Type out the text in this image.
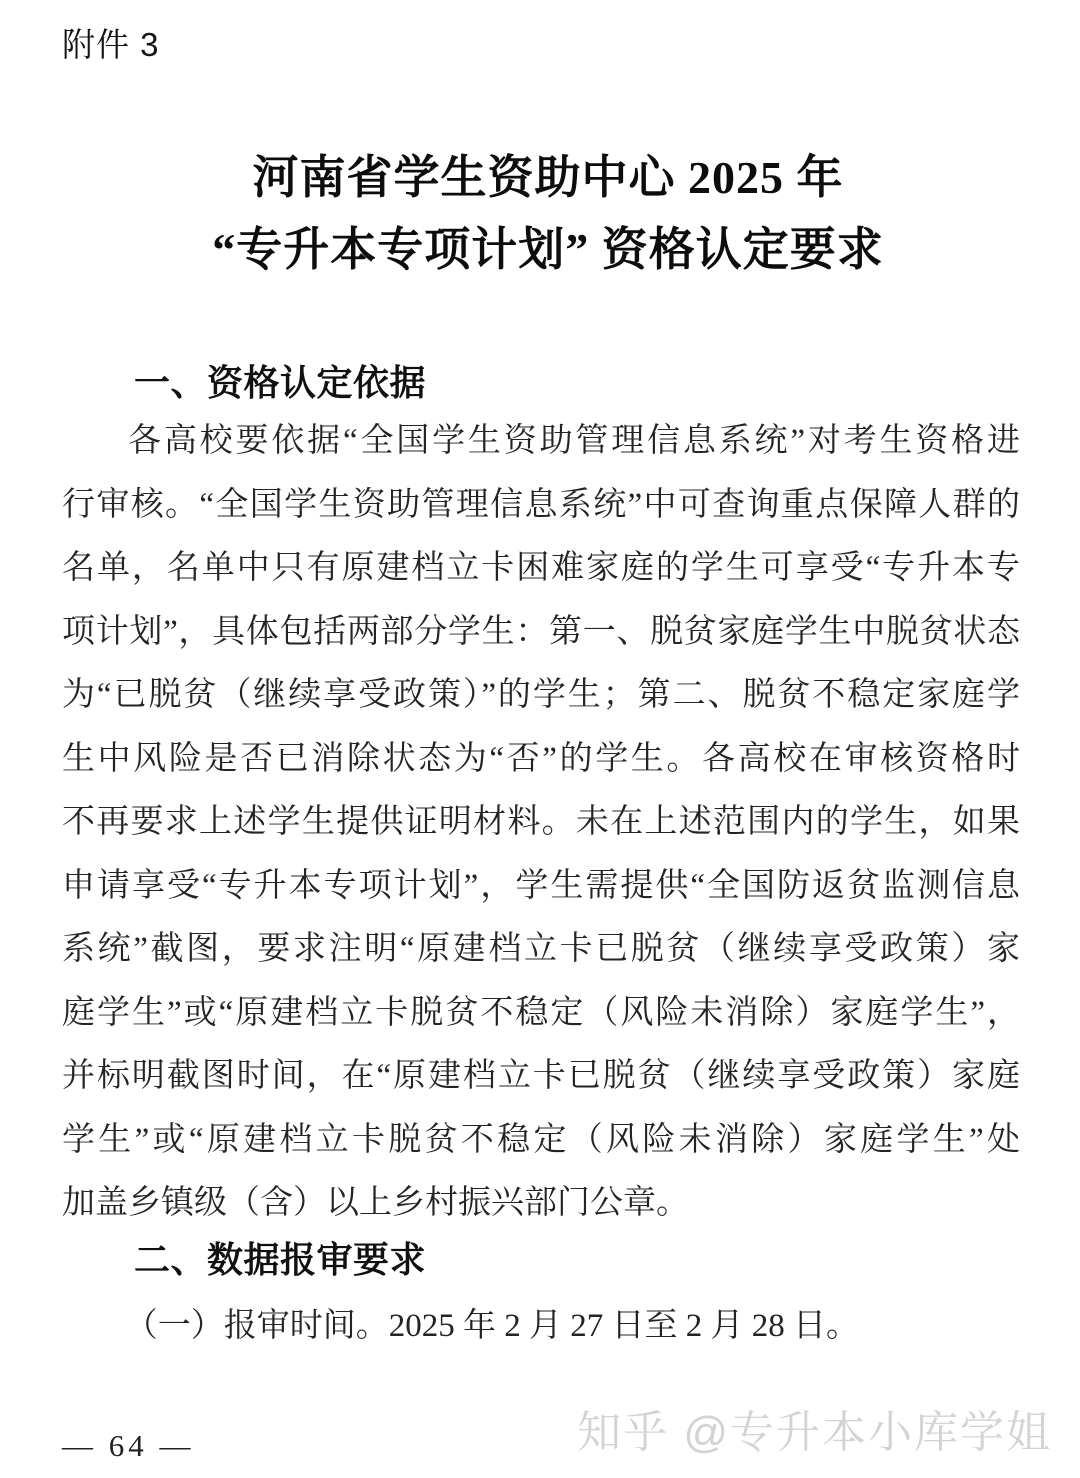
附件 3
河南省学生资助中心 2025 年
“专升本专项计划” 资格认定要求
一、资格认定依据
各高校要依据“全国学生资助管理信息系统”对考生资格进
行审核。“全国学生资助管理信息系统”中可查询重点保障人群的
名单，名单中只有原建档立卡困难家庭的学生可享受“专升本专
项计划”，具体包括两部分学生：第一、脱贫家庭学生中脱贫状态
为“已脱贫（继续享受政策）”的学生；第二、脱贫不稳定家庭学
生中风险是否已消除状态为“否”的学生。各高校在审核资格时
不再要求上述学生提供证明材料。未在上述范围内的学生，如果
申请享受“专升本专项计划”，学生需提供“全国防返贫监测信息
系统”截图，要求注明“原建档立卡已脱贫（继续享受政策）家
庭学生”或“原建档立卡脱贫不稳定（风险未消除）家庭学生”，
并标明截图时间，在“原建档立卡已脱贫（继续享受政策）家庭
学生”或“原建档立卡脱贫不稳定（风险未消除）家庭学生”处
加盖乡镇级（含）以上乡村振兴部门公章。
二、数据报审要求
（一）报审时间。2025 年 2 月 27 日至 2 月 28 日。
— 64 —	知乎 @专升本小库学姐
